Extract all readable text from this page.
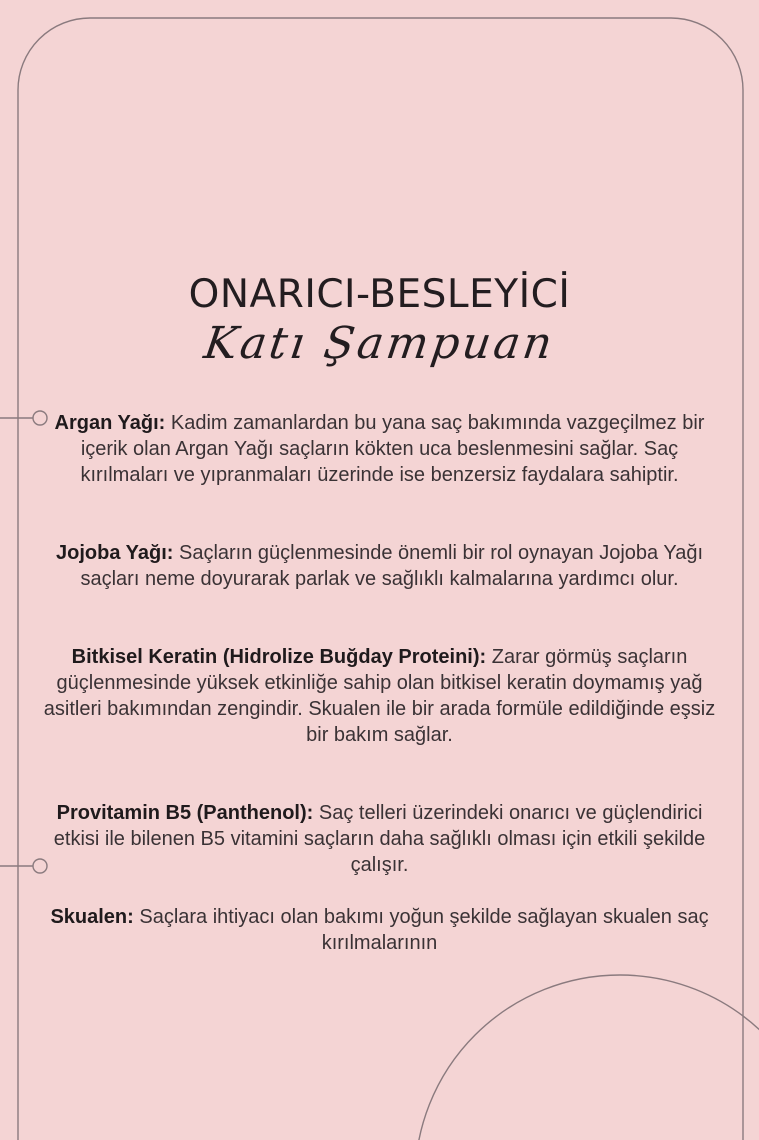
ONARICI-BESLEYİCİ
Katı Şampuan

Argan Yağı: Kadim zamanlardan bu yana saç bakımında vazgeçilmez bir içerik olan Argan Yağı saçların kökten uca beslenmesini sağlar. Saç kırılmaları ve yıpranmaları üzerinde ise benzersiz faydalara sahiptir.

Jojoba Yağı: Saçların güçlenmesinde önemli bir rol oynayan Jojoba Yağı saçları neme doyurarak parlak ve sağlıklı kalmalarına yardımcı olur.

Bitkisel Keratin (Hidrolize Buğday Proteini): Zarar görmüş saçların güçlenmesinde yüksek etkinliğe sahip olan bitkisel keratin doymamış yağ asitleri bakımından zengindir. Skualen ile bir arada formüle edildiğinde eşsiz bir bakım sağlar.

Provitamin B5 (Panthenol): Saç telleri üzerindeki onarıcı ve güçlendirici etkisi ile bilenen B5 vitamini saçların daha sağlıklı olması için etkili şekilde çalışır.

Skualen: Saçlara ihtiyacı olan bakımı yoğun şekilde sağlayan skualen saç kırılmalarının
